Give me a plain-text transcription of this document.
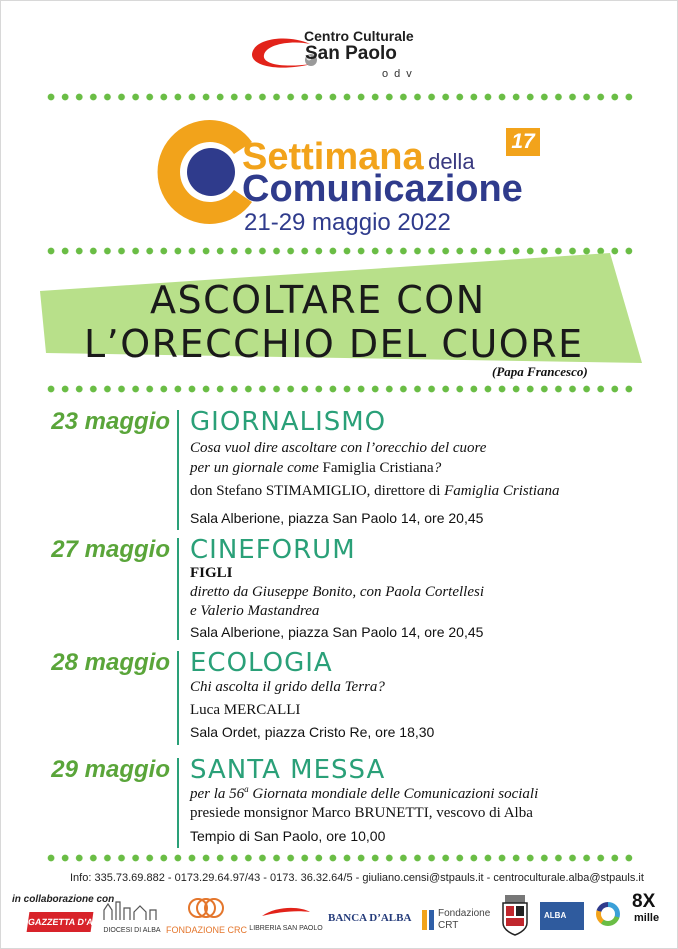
Centro Culturale
San Paolo
odv
Settimana della
17
Comunicazione
21-29 maggio 2022
ASCOLTARE CON
L’ORECCHIO DEL CUORE
(Papa Francesco)
23 maggio GIORNALISMO
Cosa vuol dire ascoltare con l’orecchio del cuore
per un giornale come Famiglia Cristiana?
don Stefano STIMAMIGLIO, direttore di Famiglia Cristiana
Sala Alberione, piazza San Paolo 14, ore 20,45
27 maggio CINEFORUM
FIGLI
diretto da Giuseppe Bonito, con Paola Cortellesi
e Valerio Mastandrea
Sala Alberione, piazza San Paolo 14, ore 20,45
28 maggio ECOLOGIA
Chi ascolta il grido della Terra?
Luca MERCALLI
Sala Ordet, piazza Cristo Re, ore 18,30
29 maggio SANTA MESSA
per la 56$^a$ Giornata mondiale delle Comunicazioni sociali
presiede monsignor Marco BRUNETTI, vescovo di Alba
Tempio di San Paolo, ore 10,00
Info: 335.73.69.882 - 0173.29.64.97/43 - 0173. 36.32.64/5 - giuliano.censi@stpauls.it - centroculturale.alba@stpauls.it
in collaborazione con
GAZZETTA D’ALBA
DIOCESI DI ALBA FONDAZIONE CRC LIBRERIA SAN PAOLO
BANCA D’ALBA	Fondazione
CRT
ALBA
8X
mille
